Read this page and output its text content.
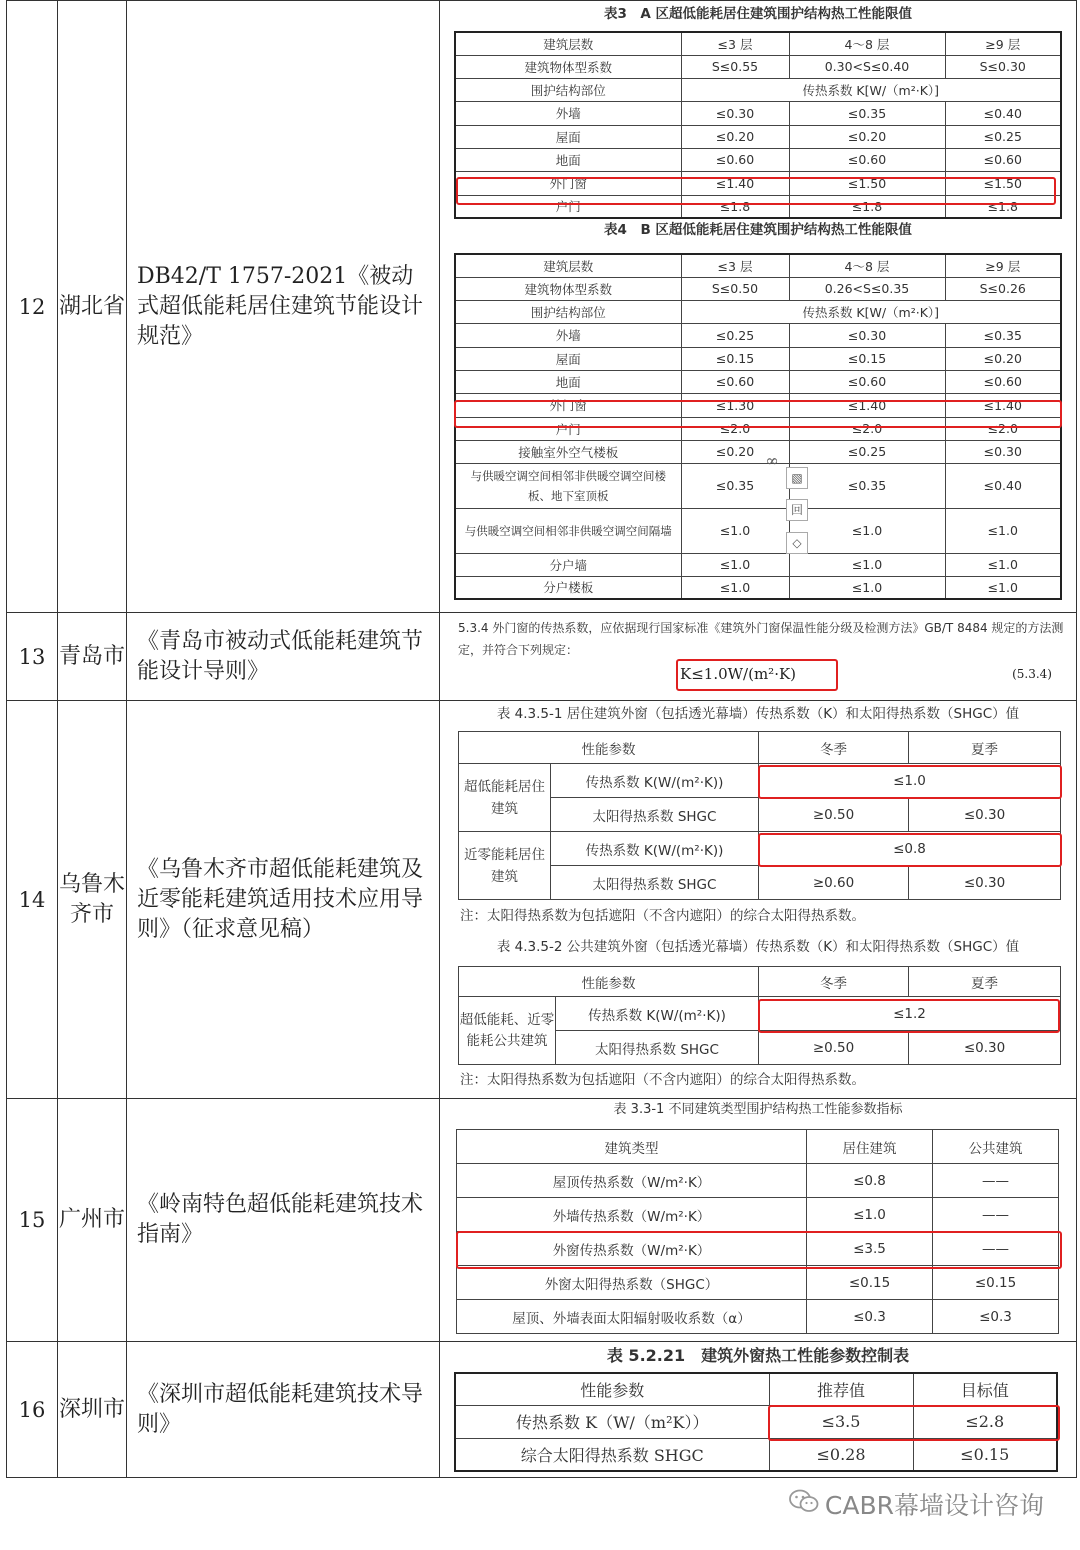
12	湖北省	DB42/T 1757-2021《被动式超低能耗居住建筑节能设计规范》	
表3　A 区超低能耗居住建筑围护结构热工性能限值
建筑层数	≤3 层	4～8 层	≥9 层
建筑物体型系数	S≤0.55	0.30<S≤0.40	S≤0.30
围护结构部位	传热系数 K[W/（m²·K）]
外墙	≤0.30	≤0.35	≤0.40
屋面	≤0.20	≤0.20	≤0.25
地面	≤0.60	≤0.60	≤0.60
外门窗	≤1.40	≤1.50	≤1.50
户门	≤1.8	≤1.8	≤1.8
表4　B 区超低能耗居住建筑围护结构热工性能限值
建筑层数	≤3 层	4～8 层	≥9 层
建筑物体型系数	S≤0.50	0.26<S≤0.35	S≤0.26
围护结构部位	传热系数 K[W/（m²·K）]
外墙	≤0.25	≤0.30	≤0.35
屋面	≤0.15	≤0.15	≤0.20
地面	≤0.60	≤0.60	≤0.60
外门窗	≤1.30	≤1.40	≤1.40
户门	≤2.0	≤2.0	≤2.0
接触室外空气楼板	≤0.20	≤0.25	≤0.30
与供暖空调空间相邻非供暖空调空间楼板、地下室顶板	≤0.35	≤0.35	≤0.40
与供暖空调空间相邻非供暖空调空间隔墙	≤1.0	≤1.0	≤1.0
分户墙	≤1.0	≤1.0	≤1.0
分户楼板	≤1.0	≤1.0	≤1.0
∞
▧
回
◇

13	青岛市	《青岛市被动式低能耗建筑节能设计导则》	
5.3.4 外门窗的传热系数，应依据现行国家标准《建筑外门窗保温性能分级及检测方法》GB/T 8484 规定的方法测定，并符合下列规定：
K≤1.0W/(m²·K)	(5.3.4)

14	乌鲁木齐市	《乌鲁木齐市超低能耗建筑及近零能耗建筑适用技术应用导则》（征求意见稿）	
表 4.3.5-1 居住建筑外窗（包括透光幕墙）传热系数（K）和太阳得热系数（SHGC）值
性能参数	冬季	夏季
超低能耗居住建筑	传热系数 K(W/(m²·K))	≤1.0
太阳得热系数 SHGC	≥0.50	≤0.30
近零能耗居住建筑	传热系数 K(W/(m²·K))	≤0.8
太阳得热系数 SHGC	≥0.60	≤0.30
注：太阳得热系数为包括遮阳（不含内遮阳）的综合太阳得热系数。
表 4.3.5-2 公共建筑外窗（包括透光幕墙）传热系数（K）和太阳得热系数（SHGC）值
性能参数	冬季	夏季
超低能耗、近零能耗公共建筑	传热系数 K(W/(m²·K))	≤1.2
太阳得热系数 SHGC	≥0.50	≤0.30
注：太阳得热系数为包括遮阳（不含内遮阳）的综合太阳得热系数。

15	广州市	《岭南特色超低能耗建筑技术指南》	
表 3.3-1 不同建筑类型围护结构热工性能参数指标
建筑类型	居住建筑	公共建筑
屋顶传热系数（W/m²·K）	≤0.8	——
外墙传热系数（W/m²·K）	≤1.0	——
外窗传热系数（W/m²·K）	≤3.5	——
外窗太阳得热系数（SHGC）	≤0.15	≤0.15
屋顶、外墙表面太阳辐射吸收系数（α）	≤0.3	≤0.3

16	深圳市	《深圳市超低能耗建筑技术导则》	
表 5.2.21　建筑外窗热工性能参数控制表
性能参数	推荐值	目标值
传热系数 K（W/（m²K））	≤3.5	≤2.8
综合太阳得热系数 SHGC	≤0.28	≤0.15
CABR幕墙设计咨询
